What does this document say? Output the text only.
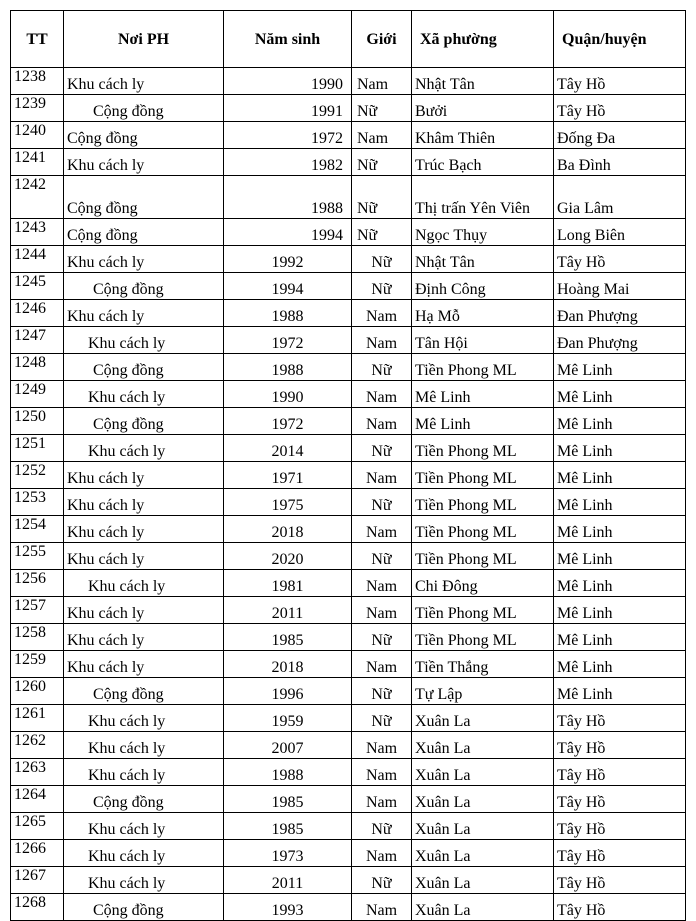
TT	Nơi PH	Năm sinh	Giới	Xã phường	Quận/huyện
1238	Khu cách ly	1990	Nam	Nhật Tân	Tây Hồ
1239	Cộng đồng	1991	Nữ	Bưởi	Tây Hồ
1240	Cộng đồng	1972	Nam	Khâm Thiên	Đống Đa
1241	Khu cách ly	1982	Nữ	Trúc Bạch	Ba Đình
1242	Cộng đồng	1988	Nữ	Thị trấn Yên Viên	Gia Lâm
1243	Cộng đồng	1994	Nữ	Ngọc Thụy	Long Biên
1244	Khu cách ly	1992	Nữ	Nhật Tân	Tây Hồ
1245	Cộng đồng	1994	Nữ	Định Công	Hoàng Mai
1246	Khu cách ly	1988	Nam	Hạ Mỗ	Đan Phượng
1247	Khu cách ly	1972	Nam	Tân Hội	Đan Phượng
1248	Cộng đồng	1988	Nữ	Tiền Phong ML	Mê Linh
1249	Khu cách ly	1990	Nam	Mê Linh	Mê Linh
1250	Cộng đồng	1972	Nam	Mê Linh	Mê Linh
1251	Khu cách ly	2014	Nữ	Tiền Phong ML	Mê Linh
1252	Khu cách ly	1971	Nam	Tiền Phong ML	Mê Linh
1253	Khu cách ly	1975	Nữ	Tiền Phong ML	Mê Linh
1254	Khu cách ly	2018	Nam	Tiền Phong ML	Mê Linh
1255	Khu cách ly	2020	Nữ	Tiền Phong ML	Mê Linh
1256	Khu cách ly	1981	Nam	Chi Đông	Mê Linh
1257	Khu cách ly	2011	Nam	Tiền Phong ML	Mê Linh
1258	Khu cách ly	1985	Nữ	Tiền Phong ML	Mê Linh
1259	Khu cách ly	2018	Nam	Tiền Thắng	Mê Linh
1260	Cộng đồng	1996	Nữ	Tự Lập	Mê Linh
1261	Khu cách ly	1959	Nữ	Xuân La	Tây Hồ
1262	Khu cách ly	2007	Nam	Xuân La	Tây Hồ
1263	Khu cách ly	1988	Nam	Xuân La	Tây Hồ
1264	Cộng đồng	1985	Nam	Xuân La	Tây Hồ
1265	Khu cách ly	1985	Nữ	Xuân La	Tây Hồ
1266	Khu cách ly	1973	Nam	Xuân La	Tây Hồ
1267	Khu cách ly	2011	Nữ	Xuân La	Tây Hồ
1268	Cộng đồng	1993	Nam	Xuân La	Tây Hồ
